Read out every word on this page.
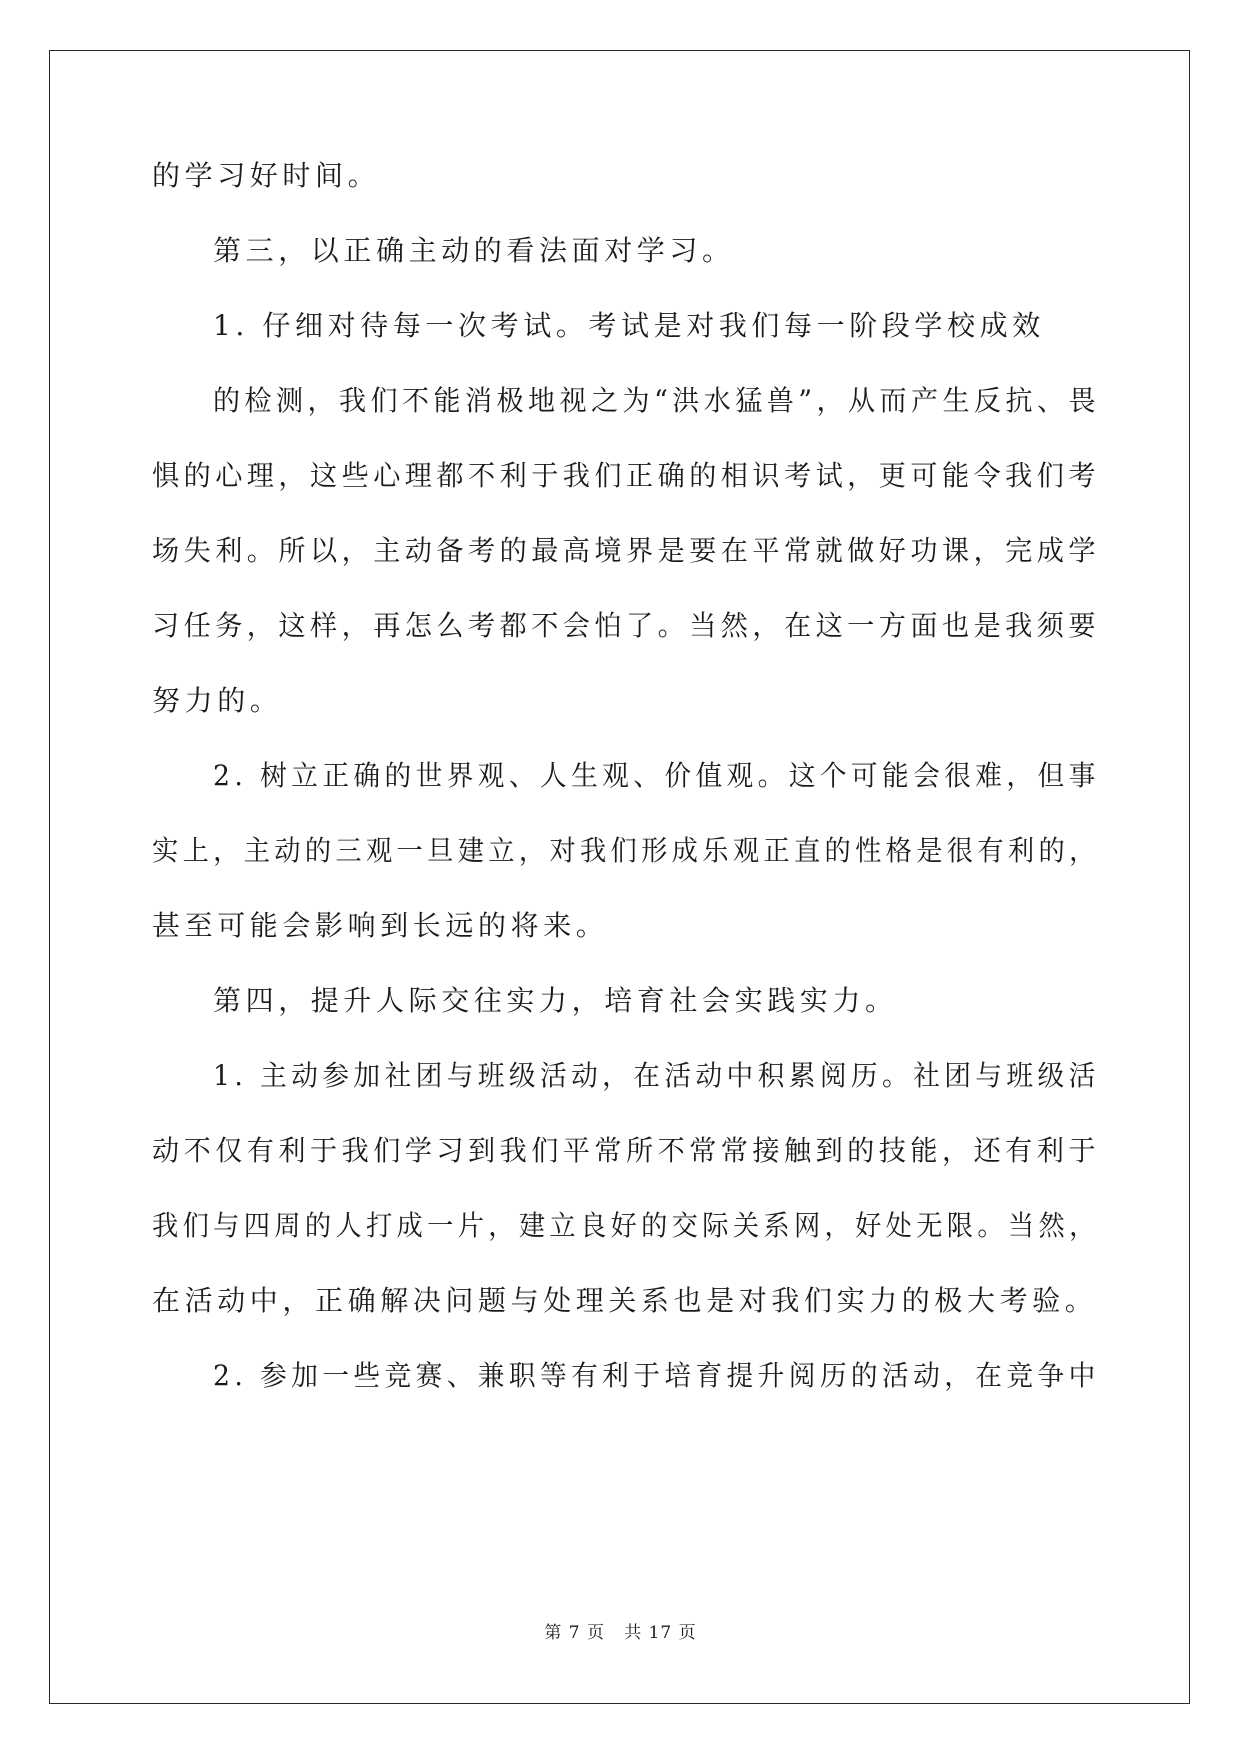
的学习好时间。
第三，以正确主动的看法面对学习。
1. 仔细对待每一次考试。考试是对我们每一阶段学校成效
的检测，我们不能消极地视之为“洪水猛兽”，从而产生反抗、畏
惧的心理，这些心理都不利于我们正确的相识考试，更可能令我们考
场失利。所以，主动备考的最高境界是要在平常就做好功课，完成学
习任务，这样，再怎么考都不会怕了。当然，在这一方面也是我须要
努力的。
2. 树立正确的世界观、人生观、价值观。这个可能会很难，但事
实上，主动的三观一旦建立，对我们形成乐观正直的性格是很有利的，
甚至可能会影响到长远的将来。
第四，提升人际交往实力，培育社会实践实力。
1. 主动参加社团与班级活动，在活动中积累阅历。社团与班级活
动不仅有利于我们学习到我们平常所不常常接触到的技能，还有利于
我们与四周的人打成一片，建立良好的交际关系网，好处无限。当然，
在活动中，正确解决问题与处理关系也是对我们实力的极大考验。
2. 参加一些竞赛、兼职等有利于培育提升阅历的活动，在竞争中
第 7 页   共 17 页
